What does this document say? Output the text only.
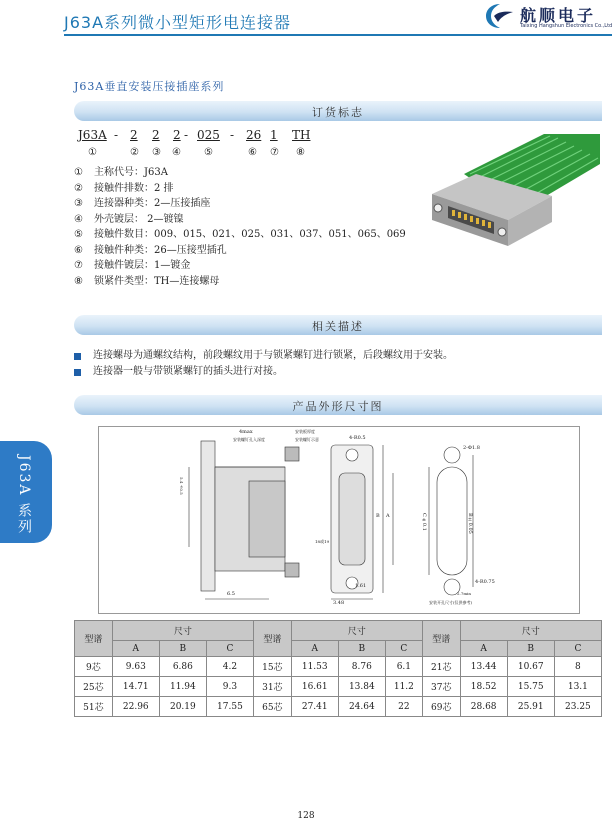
J63A系列微小型矩形电连接器	航顺电子
Taixing Hangshun Electronics Co.,Ltd
J63A垂直安装压接插座系列
订货标志
J63A - 2 2 2 - 025 - 26 1 TH
①	② ③ ④ ⑤	⑥ ⑦ ⑧
①	主称代号：J63A
②	接触件排数：2 排
③	连接器种类：2—压接插座
④	外壳镀层： 2—镀镍
⑤	接触件数目：009、015、021、025、031、037、051、065、069
⑥	接触件种类：26—压接型插孔
⑦	接触件镀层：1—镀金
⑧	锁紧件类型：TH—连接螺母
相关描述
连接螺母为通螺纹结构，前段螺纹用于与锁紧螺钉进行锁紧，后段螺纹用于安装。
连接器一般与带锁紧螺钉的插头进行对接。
产品外形尺寸图
4max
安装螺钉孔入深度
安装板厚度
安装螺钉示意
5.4±0.5
4-R0.5
B A
18或19
1.61
3.48
6.5
2-Φ1.8
B±0.05
C±0.1
4-R0.75
2.7min
安装开孔尺寸(仅供参考)
J63A 系列
型谱	尺寸			型谱	尺寸			型谱	尺寸		
	A	B	C		A	B	C		A	B	C
9芯	9.63	6.86	4.2	15芯	11.53	8.76	6.1	21芯	13.44	10.67	8
25芯	14.71	11.94	9.3	31芯	16.61	13.84	11.2	37芯	18.52	15.75	13.1
51芯	22.96	20.19	17.55	65芯	27.41	24.64	22	69芯	28.68	25.91	23.25
128
